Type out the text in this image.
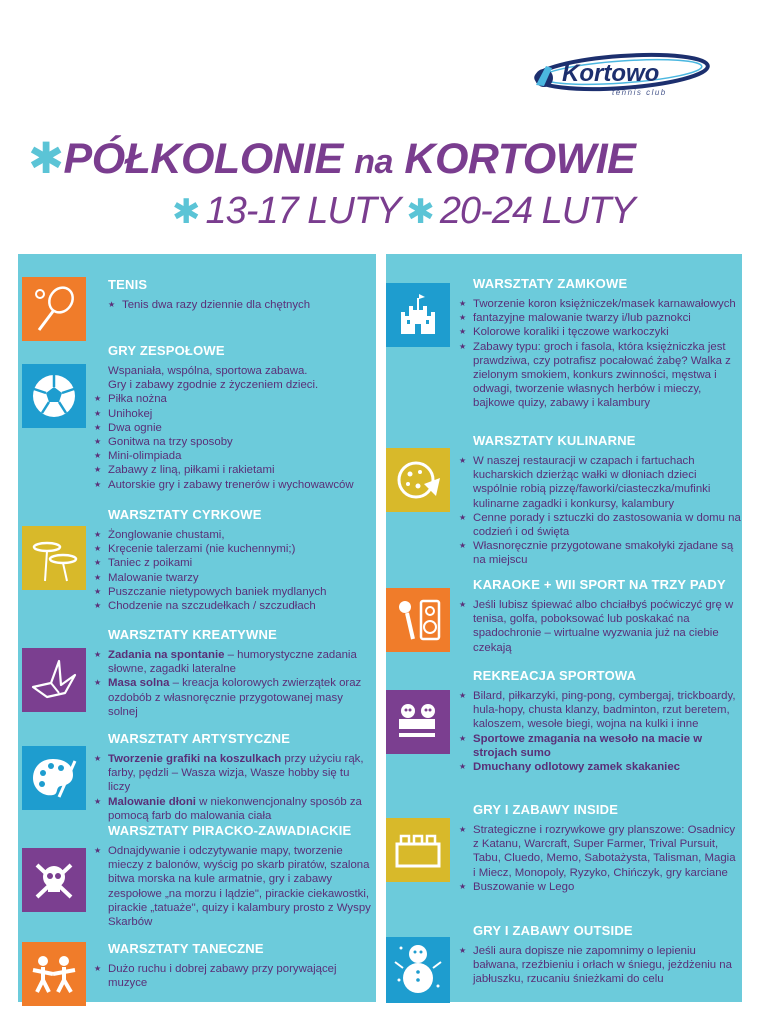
Kortowo
tennis club
✱PÓŁKOLONIE na KORTOWIE
✱ 13-17 LUTY ✱ 20-24 LUTY
TENIS
★ Tenis dwa razy dziennie dla chętnych
GRY ZESPOŁOWE

Wspaniała, wspólna, sportowa zabawa.

Gry i zabawy zgodnie z życzeniem dzieci.

★ Piłka nożna
★ Unihokej
★ Dwa ognie
★ Gonitwa na trzy sposoby
★ Mini-olimpiada
★ Zabawy z liną, piłkami i rakietami
★ Autorskie gry i zabawy trenerów i wychowawców
WARSZTATY CYRKOWE
★ Żonglowanie chustami,
★ Kręcenie talerzami (nie kuchennymi;)
★ Taniec z poikami
★ Malowanie twarzy
★ Puszczanie nietypowych baniek mydlanych
★ Chodzenie na szczudełkach / szczudłach
WARSZTATY KREATYWNE
★ Zadania na spontanie – humorystyczne zadania słowne, zagadki lateralne
★ Masa solna – kreacja kolorowych zwierzątek oraz ozdobób z własnoręcznie przygotowanej masy solnej
WARSZTATY ARTYSTYCZNE
★ Tworzenie grafiki na koszulkach przy użyciu rąk, farby, pędzli – Wasza wizja, Wasze hobby się tu liczy
★ Malowanie dłoni w niekonwencjonalny sposób za pomocą farb do malowania ciała
WARSZTATY PIRACKO-ZAWADIACKIE
★ Odnajdywanie i odczytywanie mapy, tworzenie mieczy z balonów, wyścig po skarb piratów, szalona bitwa morska na kule armatnie, gry i zabawy zespołowe „na morzu i lądzie", pirackie ciekawostki, pirackie „tatuaże", quizy i kalambury prosto z Wyspy Skarbów
WARSZTATY TANECZNE
★ Dużo ruchu i dobrej zabawy przy porywającej muzyce
WARSZTATY ZAMKOWE
★ Tworzenie koron księżniczek/masek karnawałowych
★ fantazyjne malowanie twarzy i/lub paznokci
★ Kolorowe koraliki i tęczowe warkoczyki
★ Zabawy typu: groch i fasola, która księżniczka jest prawdziwa, czy potrafisz pocałować żabę? Walka z zielonym smokiem, konkurs zwinności, męstwa i odwagi, tworzenie własnych herbów i mieczy, bajkowe quizy, zabawy i kalambury
WARSZTATY KULINARNE
★ W naszej restauracji w czapach i fartuchach kucharskich dzierżąc wałki w dłoniach dzieci wspólnie robią pizzę/faworki/ciasteczka/mufinki kulinarne zagadki i konkursy, kalambury
★ Cenne porady i sztuczki do zastosowania w domu na codzień i od święta
★ Własnoręcznie przygotowane smakołyki zjadane są na miejscu
KARAOKE + WII SPORT NA TRZY PADY
★ Jeśli lubisz śpiewać albo chciałbyś poćwiczyć grę w tenisa, golfa, poboksować lub poskakać na spadochronie – wirtualne wyzwania już na ciebie czekają
REKREACJA SPORTOWA
★ Bilard, piłkarzyki, ping-pong, cymbergaj, trickboardy, hula-hopy, chusta klanzy, badminton, rzut beretem, kaloszem, wesołe biegi, wojna na kulki i inne
★ Sportowe zmagania na wesoło na macie w strojach sumo
★ Dmuchany odlotowy zamek skakaniec
GRY I ZABAWY INSIDE
★ Strategiczne i rozrywkowe gry planszowe: Osadnicy z Katanu, Warcraft, Super Farmer, Trival Pursuit, Tabu, Cluedo, Memo, Sabotażysta, Talisman, Magia i Miecz, Monopoly, Ryzyko, Chińczyk, gry karciane
★ Buszowanie w Lego
GRY I ZABAWY OUTSIDE
★ Jeśli aura dopisze nie zapomnimy o lepieniu bałwana, rzeźbieniu i orłach w śniegu, jeżdżeniu na jabłuszku, rzucaniu śnieżkami do celu
